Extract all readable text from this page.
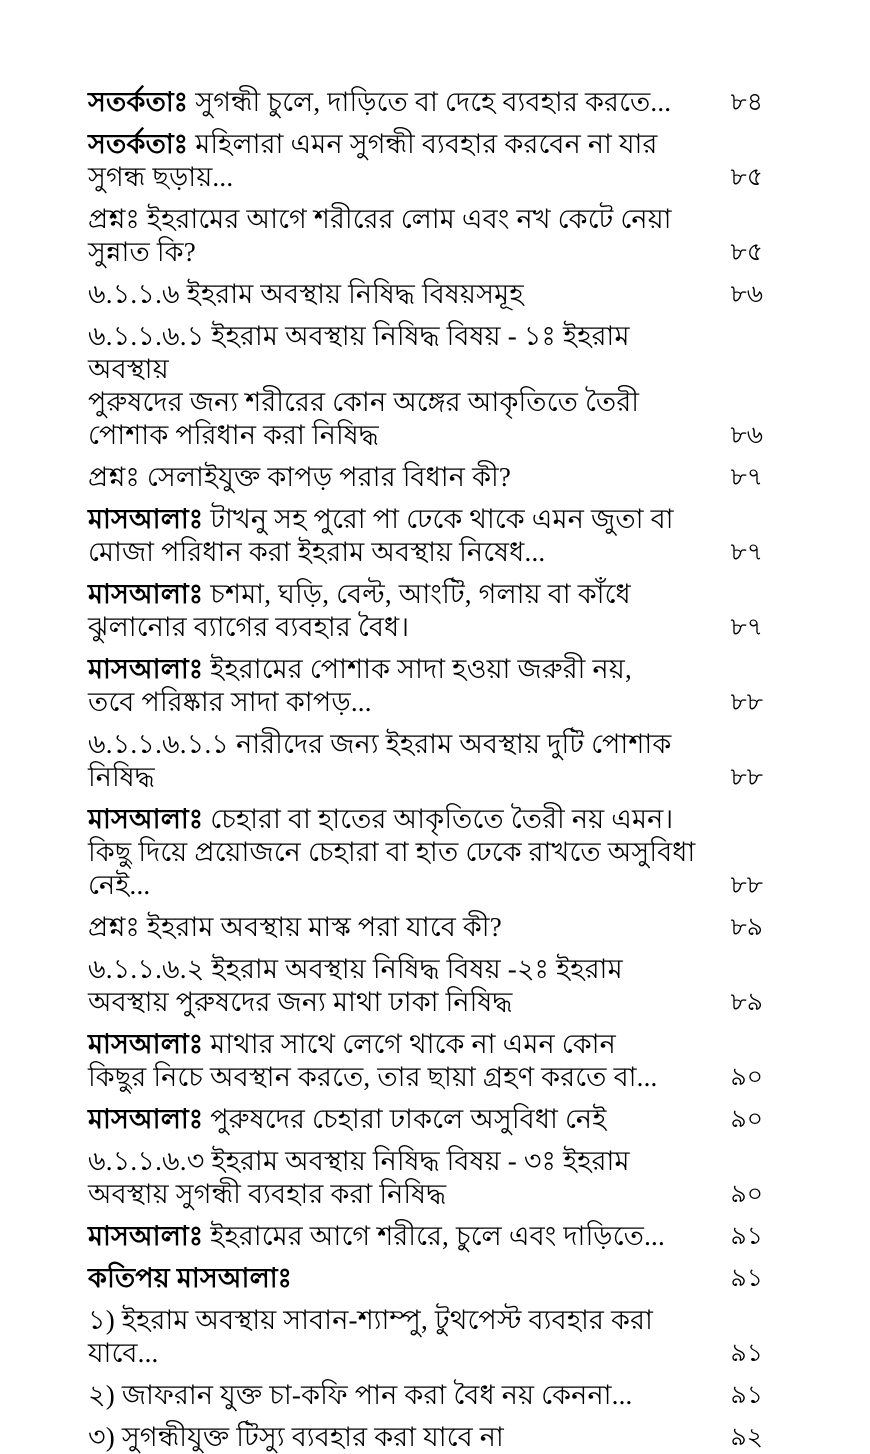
সতর্কতাঃ সুগন্ধী চুলে, দাড়িতে বা দেহে ব্যবহার করতে...	৮৪
সতর্কতাঃ মহিলারা এমন সুগন্ধী ব্যবহার করবেন না যার সুগন্ধ ছড়ায়...	৮৫
প্রশ্নঃ ইহরামের আগে শরীরের লোম এবং নখ কেটে নেয়া সুন্নাত কি?	৮৫
৬.১.১.৬ ইহরাম অবস্থায় নিষিদ্ধ বিষয়সমূহ	৮৬
৬.১.১.৬.১ ইহরাম অবস্থায় নিষিদ্ধ বিষয় - ১ঃ ইহরাম অবস্থায়
পুরুষদের জন্য শরীরের কোন অঙ্গের আকৃতিতে তৈরী
পোশাক পরিধান করা নিষিদ্ধ	৮৬
প্রশ্নঃ সেলাইযুক্ত কাপড় পরার বিধান কী?	৮৭
মাসআলাঃ টাখনু সহ পুরো পা ঢেকে থাকে এমন জুতা বা
মোজা পরিধান করা ইহরাম অবস্থায় নিষেধ...	৮৭
মাসআলাঃ চশমা, ঘড়ি, বেল্ট, আংটি, গলায় বা কাঁধে
ঝুলানোর ব্যাগের ব্যবহার বৈধ।	৮৭
মাসআলাঃ ইহরামের পোশাক সাদা হওয়া জরুরী নয়,
তবে পরিষ্কার সাদা কাপড়...	৮৮
৬.১.১.৬.১.১ নারীদের জন্য ইহরাম অবস্থায় দুটি পোশাক নিষিদ্ধ	৮৮
মাসআলাঃ চেহারা বা হাতের আকৃতিতে তৈরী নয় এমন।
কিছু দিয়ে প্রয়োজনে চেহারা বা হাত ঢেকে রাখতে অসুবিধা নেই...	৮৮
প্রশ্নঃ ইহরাম অবস্থায় মাস্ক পরা যাবে কী?	৮৯
৬.১.১.৬.২ ইহরাম অবস্থায় নিষিদ্ধ বিষয় -২ঃ ইহরাম
অবস্থায় পুরুষদের জন্য মাথা ঢাকা নিষিদ্ধ	৮৯
মাসআলাঃ মাথার সাথে লেগে থাকে না এমন কোন
কিছুর নিচে অবস্থান করতে, তার ছায়া গ্রহণ করতে বা...	৯০
মাসআলাঃ পুরুষদের চেহারা ঢাকলে অসুবিধা নেই	৯০
৬.১.১.৬.৩ ইহরাম অবস্থায় নিষিদ্ধ বিষয় - ৩ঃ ইহরাম
অবস্থায় সুগন্ধী ব্যবহার করা নিষিদ্ধ	৯০
মাসআলাঃ ইহরামের আগে শরীরে, চুলে এবং দাড়িতে...	৯১
কতিপয় মাসআলাঃ	৯১
১) ইহরাম অবস্থায় সাবান-শ্যাম্পু, টুথপেস্ট ব্যবহার করা যাবে...	৯১
২) জাফরান যুক্ত চা-কফি পান করা বৈধ নয় কেননা...	৯১
৩) সুগন্ধীযুক্ত টিস্যু ব্যবহার করা যাবে না	৯২
